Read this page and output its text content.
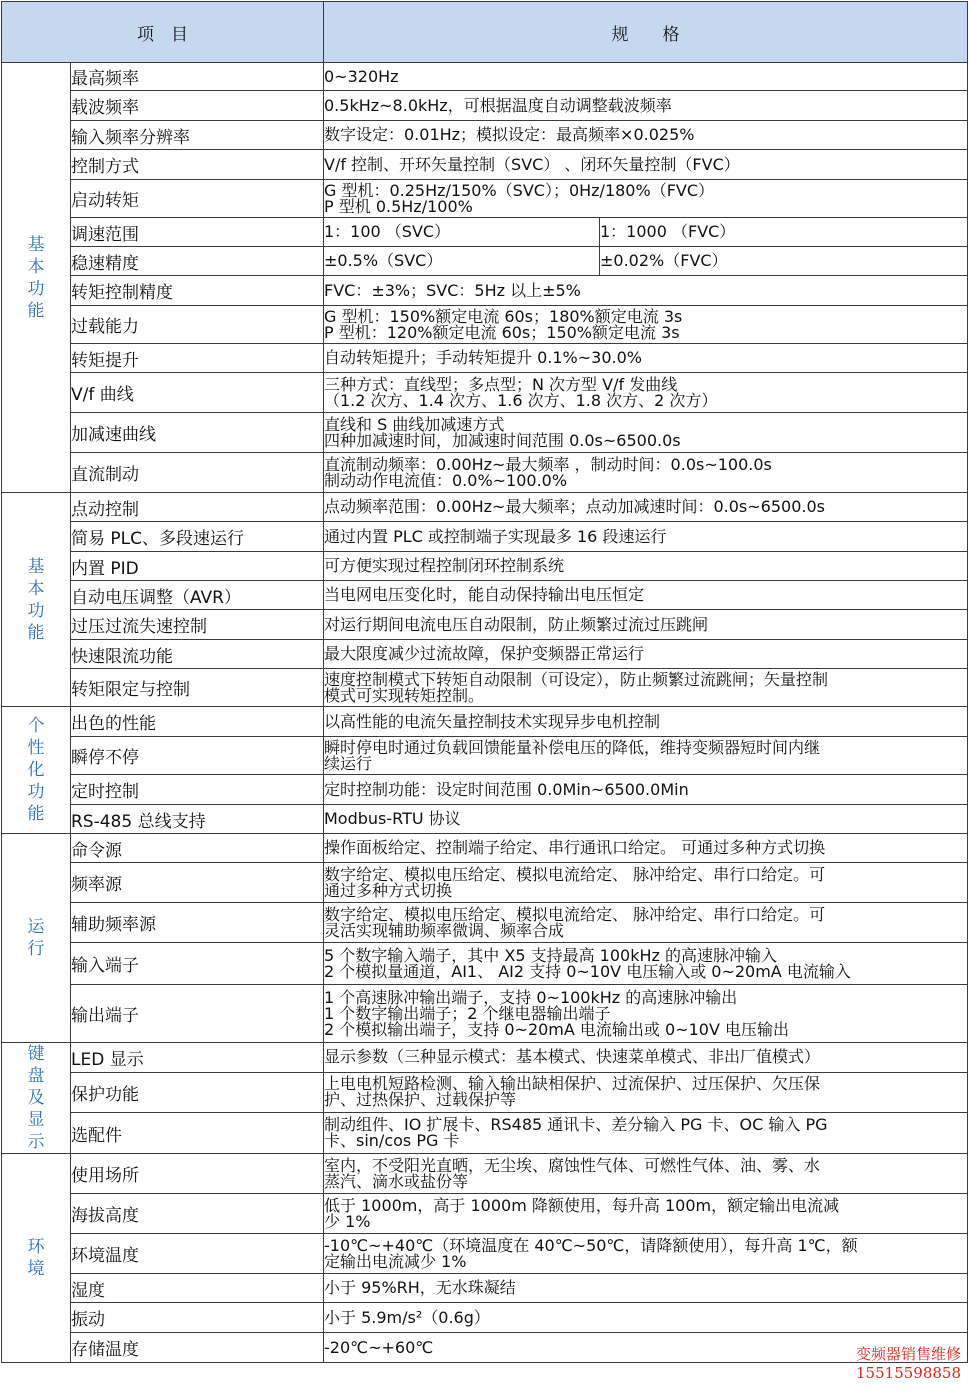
项　目		规　　格	
基本功能	最高频率	0~320Hz	

	载波频率	0.5kHz~8.0kHz，可根据温度自动调整载波频率	

	输入频率分辨率	数字设定：0.01Hz；模拟设定：最高频率×0.025%	

	控制方式	V/f 控制、开环矢量控制（SVC） 、闭环矢量控制（FVC）	

	启动转矩	G 型机：0.25Hz/150%（SVC）；0Hz/180%（FVC）
P 型机 0.5Hz/100%	

	调速范围	1：100 （SVC）	1：1000 （FVC）
	稳速精度	±0.5%（SVC）	±0.02%（FVC）
	转矩控制精度	FVC：±3%；SVC：5Hz 以上±5%	

	过载能力	G 型机：150%额定电流 60s；180%额定电流 3s
P 型机：120%额定电流 60s；150%额定电流 3s	

	转矩提升	自动转矩提升；手动转矩提升 0.1%~30.0%	

	V/f 曲线	三种方式：直线型；多点型；N 次方型 V/f 发曲线
（1.2 次方、1.4 次方、1.6 次方、1.8 次方、2 次方）	

	加减速曲线	直线和 S 曲线加减速方式
四种加减速时间，加减速时间范围 0.0s~6500.0s	

	直流制动	直流制动频率：0.00Hz~最大频率 ，制动时间：0.0s~100.0s
制动动作电流值：0.0%~100.0%	

基本功能	点动控制	点动频率范围：0.00Hz~最大频率；点动加减速时间：0.0s~6500.0s	

	简易 PLC、多段速运行	通过内置 PLC 或控制端子实现最多 16 段速运行	

	内置 PID	可方便实现过程控制闭环控制系统	

	自动电压调整（AVR）	当电网电压变化时，能自动保持输出电压恒定	

	过压过流失速控制	对运行期间电流电压自动限制，防止频繁过流过压跳闸	

	快速限流功能	最大限度减少过流故障，保护变频器正常运行	

	转矩限定与控制	速度控制模式下转矩自动限制（可设定），防止频繁过流跳闸；矢量控制
模式可实现转矩控制。	

个性化功能	出色的性能	以高性能的电流矢量控制技术实现异步电机控制	

	瞬停不停	瞬时停电时通过负载回馈能量补偿电压的降低，维持变频器短时间内继
续运行	

	定时控制	定时控制功能：设定时间范围 0.0Min~6500.0Min	

	RS-485 总线支持	Modbus-RTU 协议	

运行	命令源	操作面板给定、控制端子给定、串行通讯口给定。 可通过多种方式切换	

	频率源	数字给定、模拟电压给定、模拟电流给定、 脉冲给定、串行口给定。可
通过多种方式切换	

	辅助频率源	数字给定、模拟电压给定、模拟电流给定、 脉冲给定、串行口给定。可
灵活实现辅助频率微调、频率合成	

	输入端子	5 个数字输入端子，其中 X5 支持最高 100kHz 的高速脉冲输入
2 个模拟量通道，AI1、 AI2 支持 0~10V 电压输入或 0~20mA 电流输入	

	输出端子	1 个高速脉冲输出端子，支持 0~100kHz 的高速脉冲输出
1 个数字输出端子；2 个继电器输出端子
2 个模拟输出端子，支持 0~20mA 电流输出或 0~10V 电压输出	

键盘及显示	LED 显示	显示参数（三种显示模式：基本模式、快速菜单模式、非出厂值模式）	

	保护功能	上电电机短路检测、输入输出缺相保护、过流保护、过压保护、欠压保
护、过热保护、过载保护等	

	选配件	制动组件、IO 扩展卡、RS485 通讯卡、差分输入 PG 卡、OC 输入 PG
卡、sin/cos PG 卡	

环境	使用场所	室内，不受阳光直晒，无尘埃、腐蚀性气体、可燃性气体、油、雾、水
蒸汽、滴水或盐份等	

	海拔高度	低于 1000m，高于 1000m 降额使用，每升高 100m，额定输出电流减
少 1%	

	环境温度	-10℃~+40℃（环境温度在 40℃~50℃，请降额使用），每升高 1℃，额
定输出电流减少 1%	

	湿度	小于 95%RH，无水珠凝结	

	振动	小于 5.9m/s²（0.6g）	

	存储温度	-20℃~+60℃		变频器销售维修
15515598858
